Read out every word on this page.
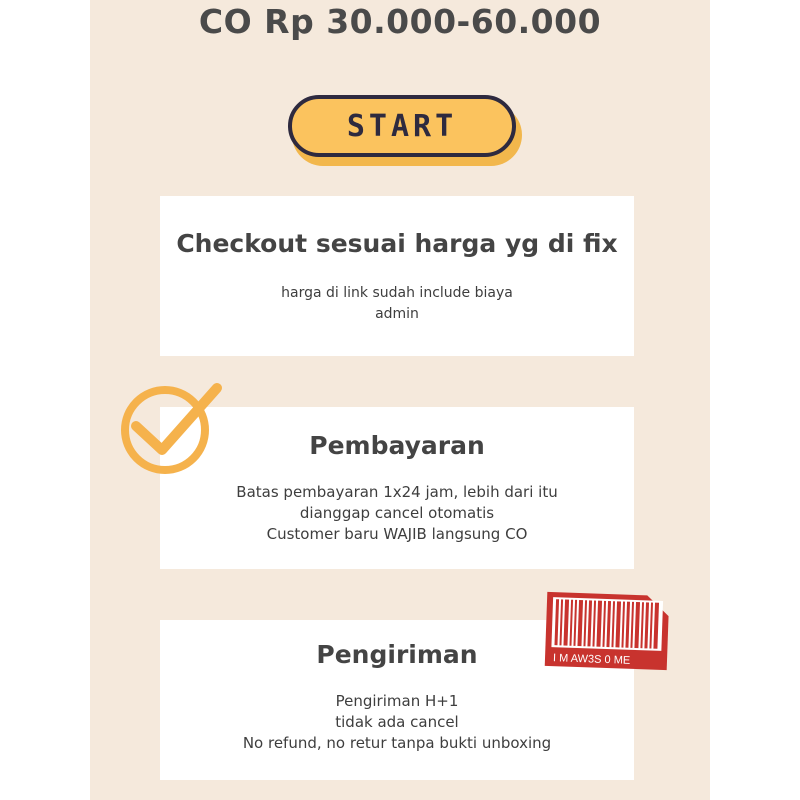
CO Rp 30.000-60.000
START
Checkout sesuai harga yg di fix
harga di link sudah include biaya
admin
Pembayaran
Batas pembayaran 1x24 jam, lebih dari itu
dianggap cancel otomatis
Customer baru WAJIB langsung CO
Pengiriman
Pengiriman H+1
tidak ada cancel
No refund, no retur tanpa bukti unboxing
I M AW3S 0 ME
